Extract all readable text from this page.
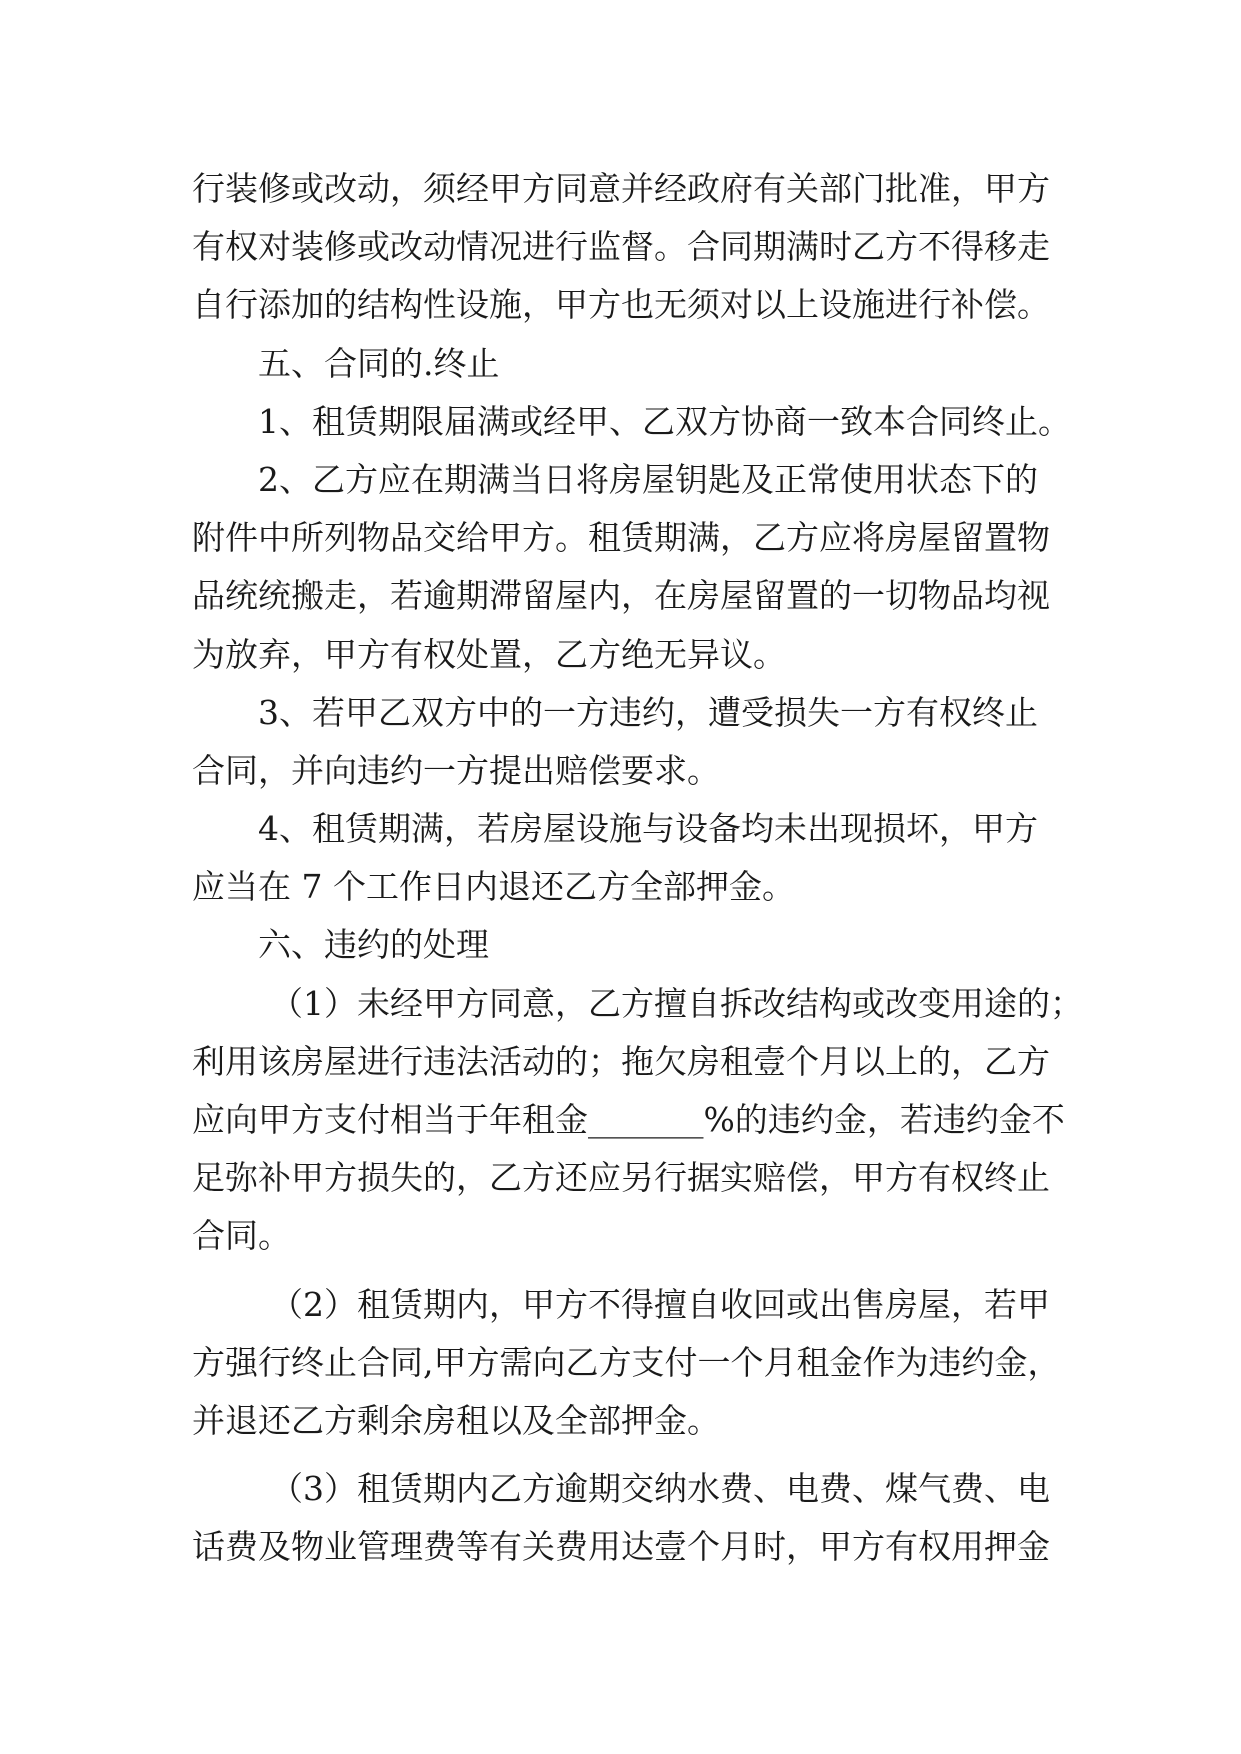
行装修或改动，须经甲方同意并经政府有关部门批准，甲方
有权对装修或改动情况进行监督。合同期满时乙方不得移走
自行添加的结构性设施，甲方也无须对以上设施进行补偿。
五、合同的.终止
1、租赁期限届满或经甲、乙双方协商一致本合同终止。
2、乙方应在期满当日将房屋钥匙及正常使用状态下的
附件中所列物品交给甲方。租赁期满，乙方应将房屋留置物
品统统搬走，若逾期滞留屋内，在房屋留置的一切物品均视
为放弃，甲方有权处置，乙方绝无异议。
3、若甲乙双方中的一方违约，遭受损失一方有权终止
合同，并向违约一方提出赔偿要求。
4、租赁期满，若房屋设施与设备均未出现损坏，甲方
应当在 7 个工作日内退还乙方全部押金。
六、违约的处理
（1）未经甲方同意，乙方擅自拆改结构或改变用途的；
利用该房屋进行违法活动的；拖欠房租壹个月以上的，乙方
应向甲方支付相当于年租金_______%的违约金，若违约金不
足弥补甲方损失的，乙方还应另行据实赔偿，甲方有权终止
合同。
（2）租赁期内，甲方不得擅自收回或出售房屋，若甲
方强行终止合同,甲方需向乙方支付一个月租金作为违约金，
并退还乙方剩余房租以及全部押金。
（3）租赁期内乙方逾期交纳水费、电费、煤气费、电
话费及物业管理费等有关费用达壹个月时，甲方有权用押金
